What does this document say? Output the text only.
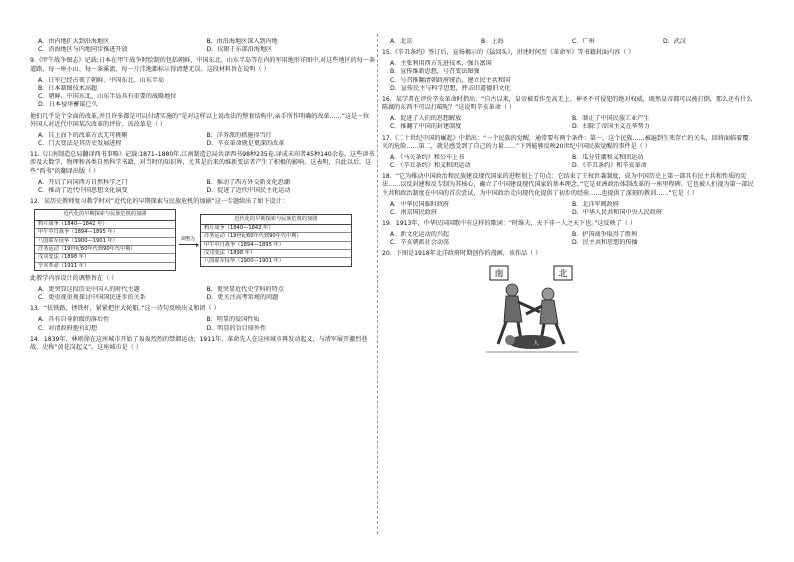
A．由内地扩大到沿海地区	B．由沿海地区深入到内地
C．沿海地区与内地同步推进开放	D．仅限于东部沿海地区
9.《甲午战争图志》记载:日本在甲午战争时绘制的包括朝鲜、中国东北、山东半岛等在内的军用地形详图中,对这些地区的每一条道路、每一座小山、每一条溪流、每一片洼地都标示得清楚无误。这段材料旨在说明（ ）
A．日军已经占领了朝鲜、中国东北、山东半岛
B．日本制图技术高超
C．朝鲜、中国东北、山东半岛具有重要的战略地位
D．日本侵华蓄谋已久
他们几乎是个全面的改革,并且许多都是可以付诸实施的”是对这样以上说改法的整套结构中,亲手所作明确的改革……”这是一位外国人对近代中国某次改革的评价。该改革是（ ）
A．自上而下的改革方式无可挑剔	B．洋务派的措施得当行
C．门大变法是其历史发展进程	D．辛亥革命就是更深的改革
11.《江南制造总局翻译西书事略》记载:1871–1880年,江南制造总局共译西书98种235卷,译成未印者45种140余卷。这些译书涉及大数学、物理和各类自然科学书籍，对当时的知识界，尤其是后来的维新变法者产生了积极的影响。这表明，自此以后，这些“西书”的翻译出版（ ）
A．开启了向国西方自然科学之门	B．推动了西方外交新文化思潮
C．推动了近代中国思想文化演变	D．促进了近代中国民主化运动
12．某历史教师复习教学时对“近代化的早期探索与民族危机的加剧”这一专题给出了如下设计：
近代化的早期探索与民族危机的加剧
鸦片战争（1840—1842 年）
甲午中日战争（1894—1895 年）
八国联军侵华（1900—1901 年）
洋务运动（19世纪60年代到90年代中期）
戊戌变法（1898 年）
辛亥革命（1911 年）
调整为
近代化的早期探索与民族危机的加剧
鸦片战争（1840—1842 年）
洋务运动（19世纪60年代到90年代中期）
甲午中日战争（1894—1895 年）
戊戌变法（1898 年）
八国联军侵华（1900—1901 年）
此教学内容设计的调整旨在（ ）
A．更突显这段历史中国人的时代主题	B．更突显近代史学科的特点
C．更重视重视探讨中国国民进步的关系	D．更关注高考常规的问题
13．“扶铁路，拯铁杆，紧紧把住大轮船。”这一诗句反映出义和团（ ）
A．具有自身阶级的落后性	B．明显的爱国性质
C．对清政府抱有幻想	D．明显的盲目排外性
14．1839年，林则徐在这座城市开始了轰轰烈烈的禁烟运动；1911年，革命先人在这座城市再发动起义，与清军展开激烈巷战，史称“黄花岗起义”。这座城市是（ ）
A．北京	B．上海	C．广州	D．武汉
15.《辛丑条约》签订后，宣扬揭示的《猛回头》，讲述时间至《革命军》等书籍封面内容（ ）
A．主张利用西方先进技术，强兵富国
B．宣传维新思想，号召变法图强
C．号召推翻清朝政府统治，建立民主共和国
D．宣传民主与科学思想，抨击旧道德旧文化
16．某学者在评价辛亥革命时指出：“自古以来，皇帝被看作至高无上、神圣不可侵犯的绝对权威，既然皇帝都可以被打倒，那么还有什么陈腐的东西不可以打破呢？”这说明辛亥革命（ ）
A．促进了人们的思想解放	B．制止了中国民族工业产生
C．推翻了中国的封建制度	D．扫除了帝国主义在华势力
17.《二十世纪中国的崛起》中指出：“一个民族的觉醒，通常要有两个条件：第一，这个民族……被遍到生死存亡的关头，回将面临着覆灭的危险……第二，就是感受到了自己的力量……”下列能够反映20世纪中国民族觉醒的事件是（ ）
A．《马关条约》和公车上书	B．瓜分狂潮和义和团运动
C．《辛丑条约》和义和团运动	D．《辛丑条约》和辛亥革命
18．“它为推动中国政治和民族建设现代国家的进程划上了句点：它结束了王权世袭制度，成为中国历史上第一部具有民主共和性质的宪法……以反封建和反专制为其核心，确立了中国建设现代国家的基本理念。”它是亚洲政治体制改革的一座里程碑。它也被人们视为第一部民主共和政治制度在中国的首次尝试，为中国政治走向现代化提供了初步的经验……也提供了深刻的教训……”它是（ ）
A．中华民国临时政府	B．北洋军阀政府
C．南京国民政府	D．中华人民共和国中央人民政府
19．1913年，中华民国国歌中有这样的歌词：“时维夫，天下非一人之天下也。”这反映了（ ）
A．新文化运动的兴起	B．护国战争取得了胜利
C．辛亥朝派社会动荡	D．民主共和思想的传播
20．下图是1918年北洋政府时期创作的漫画，该作品（ ）
南	北
人
